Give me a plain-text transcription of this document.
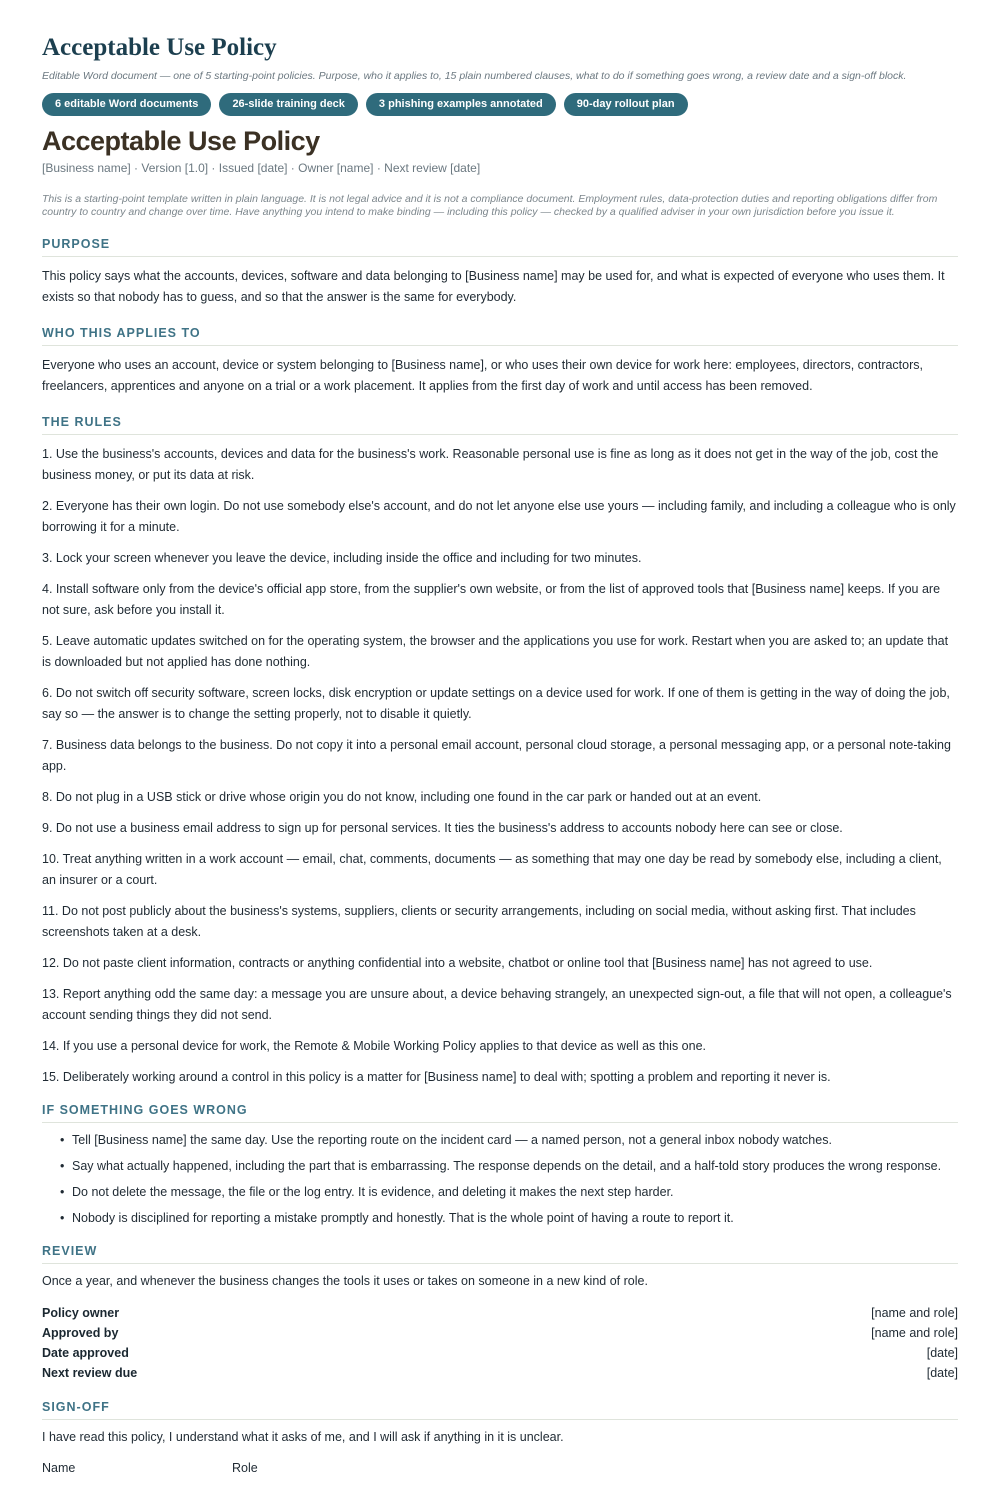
Acceptable Use Policy
Editable Word document — one of 5 starting-point policies. Purpose, who it applies to, 15 plain numbered clauses, what to do if something goes wrong, a review date and a sign-off block.
6 editable Word documents	26-slide training deck	3 phishing examples annotated	90-day rollout plan
Acceptable Use Policy
[Business name] · Version [1.0] · Issued [date] · Owner [name] · Next review [date]
This is a starting-point template written in plain language. It is not legal advice and it is not a compliance document. Employment rules, data-protection duties and reporting obligations differ from country to country and change over time. Have anything you intend to make binding — including this policy — checked by a qualified adviser in your own jurisdiction before you issue it.
PURPOSE

This policy says what the accounts, devices, software and data belonging to [Business name] may be used for, and what is expected of everyone who uses them. It exists so that nobody has to guess, and so that the answer is the same for everybody.

WHO THIS APPLIES TO

Everyone who uses an account, device or system belonging to [Business name], or who uses their own device for work here: employees, directors, contractors, freelancers, apprentices and anyone on a trial or a work placement. It applies from the first day of work and until access has been removed.

THE RULES

1. Use the business's accounts, devices and data for the business's work. Reasonable personal use is fine as long as it does not get in the way of the job, cost the business money, or put its data at risk.

2. Everyone has their own login. Do not use somebody else's account, and do not let anyone else use yours — including family, and including a colleague who is only borrowing it for a minute.

3. Lock your screen whenever you leave the device, including inside the office and including for two minutes.

4. Install software only from the device's official app store, from the supplier's own website, or from the list of approved tools that [Business name] keeps. If you are not sure, ask before you install it.

5. Leave automatic updates switched on for the operating system, the browser and the applications you use for work. Restart when you are asked to; an update that is downloaded but not applied has done nothing.

6. Do not switch off security software, screen locks, disk encryption or update settings on a device used for work. If one of them is getting in the way of doing the job, say so — the answer is to change the setting properly, not to disable it quietly.

7. Business data belongs to the business. Do not copy it into a personal email account, personal cloud storage, a personal messaging app, or a personal note-taking app.

8. Do not plug in a USB stick or drive whose origin you do not know, including one found in the car park or handed out at an event.

9. Do not use a business email address to sign up for personal services. It ties the business's address to accounts nobody here can see or close.

10. Treat anything written in a work account — email, chat, comments, documents — as something that may one day be read by somebody else, including a client, an insurer or a court.

11. Do not post publicly about the business's systems, suppliers, clients or security arrangements, including on social media, without asking first. That includes screenshots taken at a desk.

12. Do not paste client information, contracts or anything confidential into a website, chatbot or online tool that [Business name] has not agreed to use.

13. Report anything odd the same day: a message you are unsure about, a device behaving strangely, an unexpected sign-out, a file that will not open, a colleague's account sending things they did not send.

14. If you use a personal device for work, the Remote & Mobile Working Policy applies to that device as well as this one.

15. Deliberately working around a control in this policy is a matter for [Business name] to deal with; spotting a problem and reporting it never is.

IF SOMETHING GOES WRONG
• Tell [Business name] the same day. Use the reporting route on the incident card — a named person, not a general inbox nobody watches.
• Say what actually happened, including the part that is embarrassing. The response depends on the detail, and a half-told story produces the wrong response.
• Do not delete the message, the file or the log entry. It is evidence, and deleting it makes the next step harder.
• Nobody is disciplined for reporting a mistake promptly and honestly. That is the whole point of having a route to report it.
REVIEW

Once a year, and whenever the business changes the tools it uses or takes on someone in a new kind of role.

Policy owner	[name and role]
Approved by	[name and role]
Date approved	[date]
Next review due	[date]
SIGN-OFF

I have read this policy, I understand what it asks of me, and I will ask if anything in it is unclear.

Name	Role
